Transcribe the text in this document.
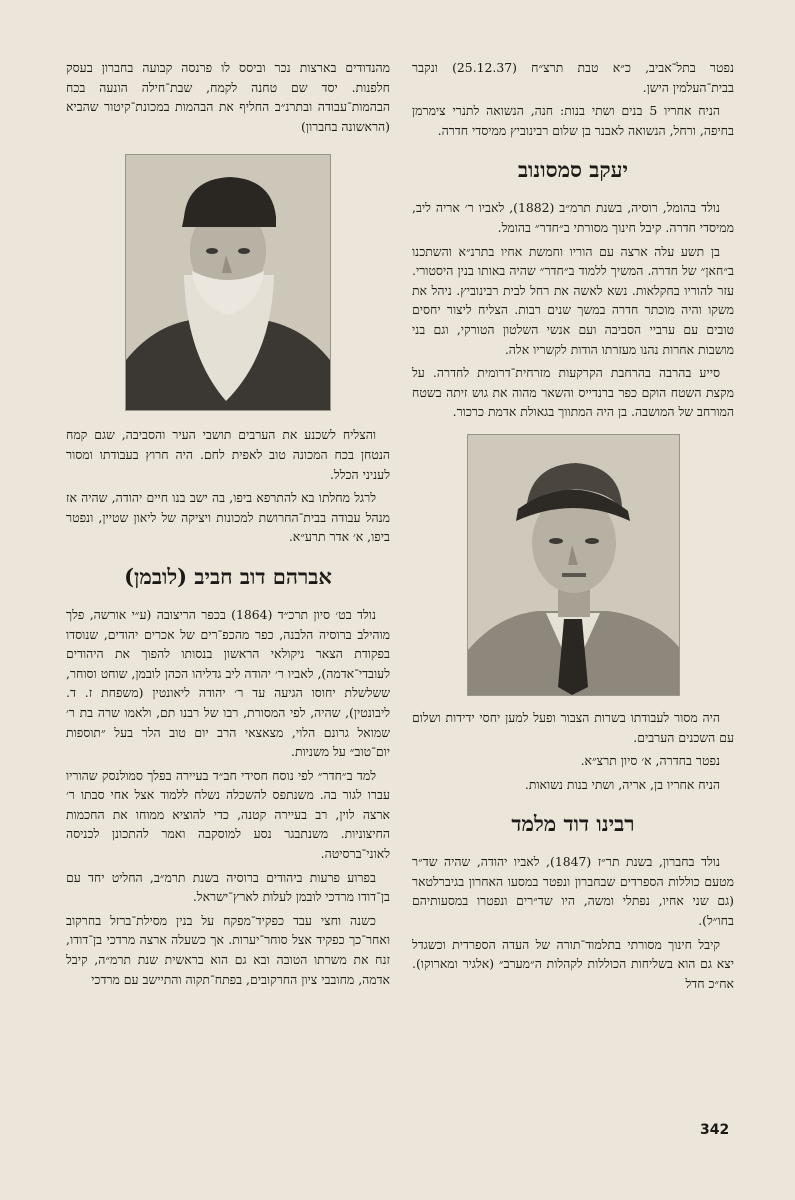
נפטר בתל־אביב, כ״א טבת תרצ״ח (25.12.37) ונקבר בבית־העלמין הישן.

הניח אחריו 5 בנים ושתי בנות: חנה, הנשואה לתנרי צימרמן בחיפה, ורחל, הנשואה לאבנר בן שלום רבינוביץ ממיסדי חדרה.

יעקב סמסונוב

נולד בהומל, רוסיה, בשנת תרמ״ב (1882), לאביו ר׳ אריה ליב, ממיסדי חדרה. קיבל חינוך מסורתי ב״חדר״ בהומל.

בן תשע עלה ארצה עם הוריו וחמשת אחיו בתרנ״א והשתכנו ב״חאן״ של חדרה. המשיך ללמוד ב״חדר״ שהיה באותו בנין היסטורי. עזר להוריו בחקלאות. נשא לאשה את רחל לבית רבינוביץ. ניהל את משקו והיה מוכתר חדרה במשך שנים רבות. הצליח ליצור יחסים טובים עם ערביי הסביבה ועם אנשי השלטון הטורקי, וגם בני מושבות אחרות נהנו מעזרתו הודות לקשריו אלה.

סייע בהרבה בהרחבת הקרקעות מזרחית־דרומית לחדרה. על מקצת השטח הוקם כפר ברנדייס והשאר מהוה את גוש זיתה בשטח המורחב של המושבה. בן היה המתווך בגאולת אדמת כרכור.

היה מסור לעבודתו בשרות הצבור ופעל למען יחסי ידידות ושלום עם השכנים הערבים.

נפטר בחדרה, א׳ סיון תרצ״א.

הניח אחריו בן, אריה, ושתי בנות נשואות.

רבינו דוד מלמד

נולד בחברון, בשנת תר״ז (1847), לאביו יהודה, שהיה שד״ר מטעם כוללות הספרדים שבחברון ונפטר במסעו האחרון בגיברלטאר (גם שני אחיו, נפתלי ומשה, היו שד״רים ונפטרו במסעותיהם בחו״ל).

קיבל חינוך מסורתי בתלמוד־תורה של העדה הספרדית וכשגדל יצא גם הוא בשליחות הכוללות לקהלות ה״מערב״ (אלגיר ומארוקו). אח״כ חדל

מהנדודים בארצות נכר וביסס לו פרנסה קבועה בחברון בעסק חלפנות. יסד שם טחנה לקמח, שבת־חילה הונעה בכח הבהמות־עבודה ובתרנ״ב החליף את הבהמות במכונת־קיטור שהביא (הראשונה בחברון)

והצליח לשכנע את הערבים תושבי העיר והסביבה, שגם קמח הנטחן בכח המכונה טוב לאפית לחם. היה חרוץ בעבודתו ומסור לעניני הכלל.

לרגל מחלתו בא להתרפא ביפו, בה ישב בנו חיים יהודה, שהיה אז מנהל עבודה בבית־החרושת למכונות ויציקה של ליאון שטיין, ונפטר ביפו, א׳ אדר תרע״א.

אברהם דוב חביב (לובמן)

נולד בט׳ סיון תרכ״ד (1864) בכפר הריצובה (ע״י אורשה, פלך מוהילב ברוסיה הלבנה, כפר מהכפ־רים של אכרים יהודים, שנוסדו בפקודת הצאר ניקולאי הראשון בנסותו להפוך את היהודים לעובדי־אדמה), לאביו ר׳ יהודה ליב גדליהו הכהן לובמן, שוחט וסוחר, ששלשלת יחוסו הגיעה עד ר׳ יהודה ליאונטין (משפחת ז. ד. ליבונטין), שהיה, לפי המסורת, רבו של רבנו תם, ולאמו שרה בת ר׳ שמואל גרונם הלוי, מצאצאי הרב יום טוב הלר בעל ״תוספות יום־טוב״ על משניות.

למד ב״חדר״ לפי נוסח חסידי חב״ד בעיירה בפלך סמולנסק שהוריו עברו לגור בה. משנתפס להשכלה נשלח ללמוד אצל אחי סבתו ר׳ ארצה לוין, רב בעיירה קטנה, כדי להוציא ממוחו את החכמות החיצוניות. משנתבגר נסע למוסקבה ואמר להתכונן לכניסה לאוני־ברסיטה.

בפרוע פרעות ביהודים ברוסיה בשנת תרמ״ב, החליט יחד עם בן־דודו מרדכי לובמן לעלות לארץ־ישראל.

כשנה וחצי עבד כפקיד־מפקח על בנין מסילת־ברזל בחרקוב ואחר־כך כפקיד אצל סוחר־יערות. אך כשעלה ארצה מרדכי בן־דודו, זנח את משרתו הטובה ובא גם הוא בראשית שנת תרמ״ה, קיבל אדמה, מחובבי ציון החרקובים, בפתח־תקוה והתיישב עם מרדכי

342
